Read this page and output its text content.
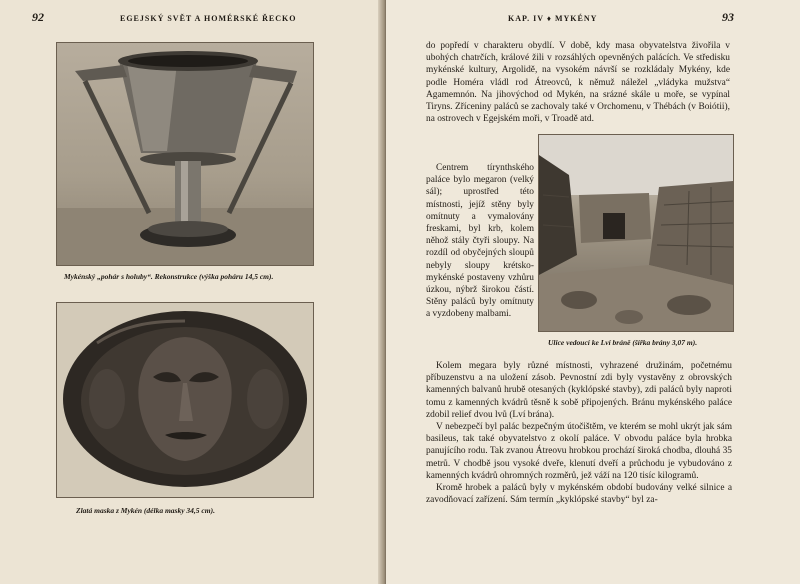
92	EGEJSKÝ SVĚT A HOMÉRSKÉ ŘECKO
Mykénský „pohár s holuby“. Rekonstrukce (výška poháru 14,5 cm).
Zlatá maska z Mykén (délka masky 34,5 cm).
KAP. IV ♦ MYKÉNY	93

do popředí v charakteru obydlí. V době, kdy masa obyvatelstva živořila v ubohých chatrčích, králové žili v rozsáhlých opevněných palácích. Ve středisku mykénské kultury, Argolidě, na vysokém návrší se rozkládaly Mykény, kde podle Homéra vládl rod Átreovců, k němuž náležel „vládyka mužstva“ Agamemnón. Na jihovýchod od Mykén, na srázné skále u moře, se vypínal Tiryns. Zříceniny paláců se zachovaly také v Orchomenu, v Thébách (v Boiótii), na ostrovech v Egejském moři, v Troadě atd.

Centrem tírynthského paláce bylo megaron (velký sál); uprostřed této místnosti, jejíž stěny byly omítnuty a vymalovány freskami, byl krb, kolem něhož stály čtyři sloupy. Na rozdíl od obyčejných sloupů nebyly sloupy krétsko-mykénské postaveny vzhůru úzkou, nýbrž širokou částí. Stěny paláců byly omítnuty a vyzdobeny malbami.

Ulice vedoucí ke Lví bráně (šířka brány 3,07 m).

Kolem megara byly různé místnosti, vyhrazené družinám, početnému příbuzenstvu a na uložení zásob. Pevnostní zdi byly vystavěny z obrovských kamenných balvanů hrubě otesaných (kyklópské stavby), zdi paláců byly naproti tomu z kamenných kvádrů těsně k sobě připojených. Bránu mykénského paláce zdobil relief dvou lvů (Lví brána).

V nebezpečí byl palác bezpečným útočištěm, ve kterém se mohl ukrýt jak sám basileus, tak také obyvatelstvo z okolí paláce. V obvodu paláce byla hrobka panujícího rodu. Tak zvanou Átreovu hrobkou prochází široká chodba, dlouhá 35 metrů. V chodbě jsou vysoké dveře, klenutí dveří a průchodu je vybudováno z kamenných kvádrů ohromných rozměrů, jež váží na 120 tisíc kilogramů.

Kromě hrobek a paláců byly v mykénském období budovány velké silnice a zavodňovací zařízení. Sám termín „kyklópské stavby“ byl za-
